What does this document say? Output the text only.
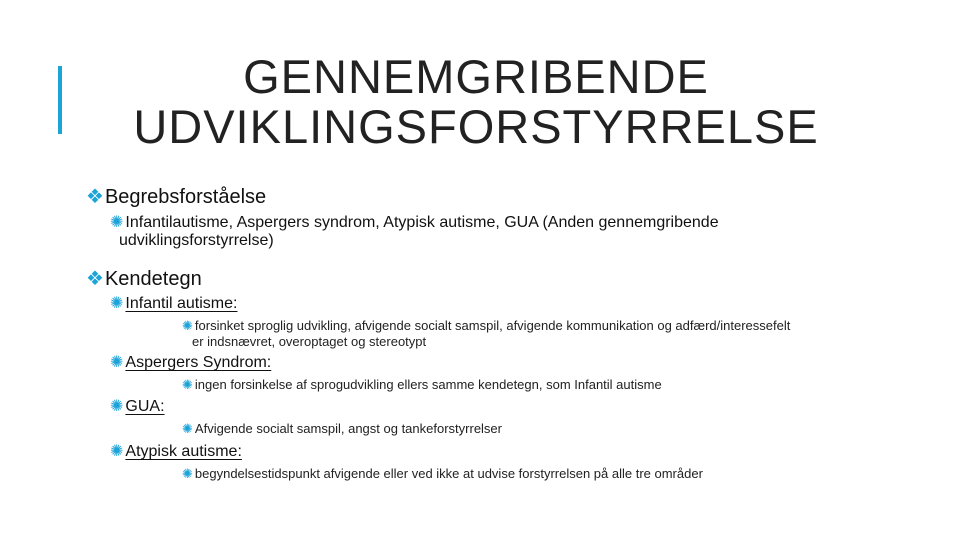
GENNEMGRIBENDE
UDVIKLINGSFORSTYRRELSE
❖Begrebsforståelse
✺ Infantilautisme, Aspergers syndrom, Atypisk autisme, GUA (Anden gennemgribende
udviklingsforstyrrelse)
❖Kendetegn
✺ Infantil autisme:
✺ forsinket sproglig udvikling, afvigende socialt samspil, afvigende kommunikation og adfærd/interessefelt
er indsnævret, overoptaget og stereotypt
✺ Aspergers Syndrom:
✺ ingen forsinkelse af sprogudvikling ellers samme kendetegn, som Infantil autisme
✺ GUA:
✺ Afvigende socialt samspil, angst og tankeforstyrrelser
✺ Atypisk autisme:
✺ begyndelsestidspunkt afvigende eller ved ikke at udvise forstyrrelsen på alle tre områder
